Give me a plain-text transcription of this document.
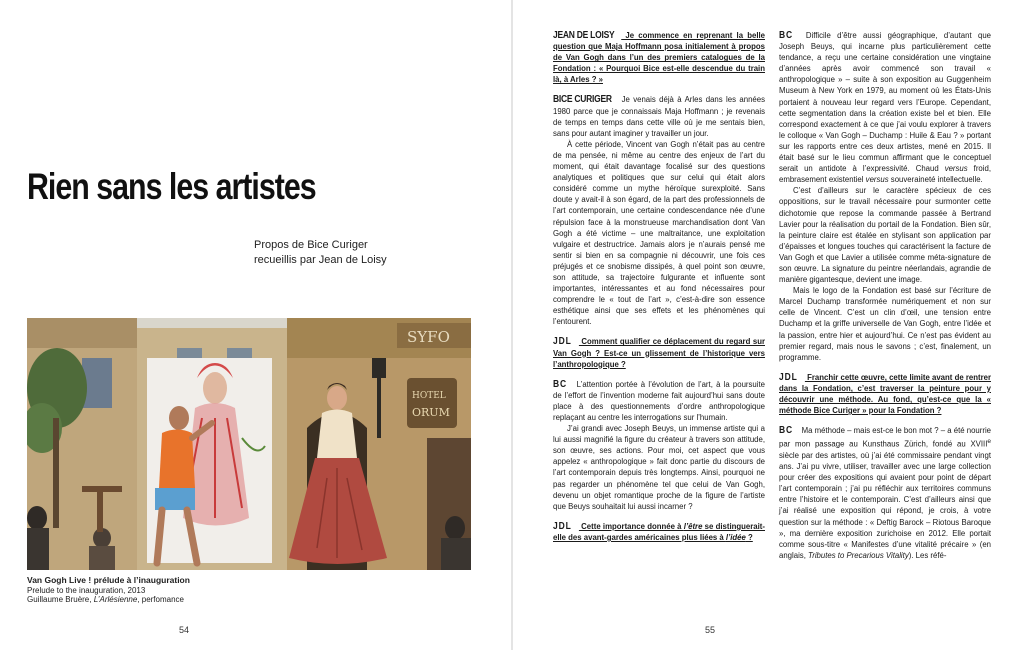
Rien sans les artistes
Propos de Bice Curiger
recueillis par Jean de Loisy
SYFO
HOTEL
ORUM
Van Gogh Live ! prélude à l’inauguration
Prelude to the inauguration, 2013
Guillaume Bruère, L’Arlésienne, perfomance
54

JEAN DE LOISY Je commence en reprenant la belle question que Maja Hoffmann posa initialement à propos de Van Gogh dans l’un des premiers catalogues de la Fondation : « Pourquoi Bice est-elle descendue du train là, à Arles ? »

BICE CURIGER Je venais déjà à Arles dans les années 1980 parce que je connaissais Maja Hoffmann ; je revenais de temps en temps dans cette ville où je me sentais bien, sans pour autant imaginer y travailler un jour.

À cette période, Vincent van Gogh n’était pas au centre de ma pensée, ni même au centre des enjeux de l’art du moment, qui était davantage focalisé sur des questions analytiques et politiques que sur celui qui était alors considéré comme un mythe héroïque surexploité. Sans doute y avait-il à son égard, de la part des professionnels de l’art contemporain, une certaine condescendance née d’une répulsion face à la monstrueuse marchandisation dont Van Gogh a été victime – une maltraitance, une exploitation vulgaire et destructrice. Jamais alors je n’aurais pensé me sentir si bien en sa compagnie ni découvrir, une fois ces préjugés et ce snobisme dissipés, à quel point son œuvre, son attitude, sa trajectoire fulgurante et influente sont importantes, intéressantes et au fond nécessaires pour comprendre le « tout de l’art », c’est-à-dire son essence esthétique ainsi que ses effets et les phénomènes qui l’entourent.

JDL Comment qualifier ce déplacement du regard sur Van Gogh ? Est-ce un glissement de l’historique vers l’anthropologique ?

BC L’attention portée à l’évolution de l’art, à la poursuite de l’effort de l’invention moderne fait aujourd’hui sans doute place à des questionnements d’ordre anthropologique replaçant au centre les interrogations sur l’humain.

J’ai grandi avec Joseph Beuys, un immense artiste qui a lui aussi magnifié la figure du créateur à travers son attitude, son œuvre, ses actions. Pour moi, cet aspect que vous appelez « anthropologique » fait donc partie du discours de l’art contemporain depuis très longtemps. Ainsi, pourquoi ne pas regarder un phénomène tel que celui de Van Gogh, devenu un objet romantique proche de la figure de l’artiste que Beuys souhaitait lui aussi incarner ?

JDL Cette importance donnée à l’être se distinguerait-elle des avant-gardes américaines plus liées à l’idée ?

BC Difficile d’être aussi géographique, d’autant que Joseph Beuys, qui incarne plus particulièrement cette tendance, a reçu une certaine considération une vingtaine d’années après avoir commencé son travail « anthropologique » – suite à son exposition au Guggenheim Museum à New York en 1979, au moment où les États-Unis portaient à nouveau leur regard vers l’Europe. Cependant, cette segmentation dans la création existe bel et bien. Elle correspond exactement à ce que j’ai voulu explorer à travers le colloque « Van Gogh – Duchamp : Huile & Eau ? » portant sur les rapports entre ces deux artistes, mené en 2015. Il était basé sur le lieu commun affirmant que le conceptuel serait un antidote à l’expressivité. Chaud versus froid, embrasement existentiel versus souveraineté intellectuelle.

C’est d’ailleurs sur le caractère spécieux de ces oppositions, sur le travail nécessaire pour surmonter cette dichotomie que repose la commande passée à Bertrand Lavier pour la réalisation du portail de la Fondation. Bien sûr, la peinture claire est étalée en stylisant son application par d’épaisses et longues touches qui caractérisent la facture de Van Gogh et que Lavier a utilisée comme méta-signature de son œuvre. La signature du peintre néerlandais, agrandie de manière gigantesque, devient une image.

Mais le logo de la Fondation est basé sur l’écriture de Marcel Duchamp transformée numériquement et non sur celle de Vincent. C’est un clin d’œil, une tension entre Duchamp et la griffe universelle de Van Gogh, entre l’idée et la passion, entre hier et aujourd’hui. Ce n’est pas évident au premier regard, mais nous le savons ; c’est, finalement, un programme.

JDL Franchir cette œuvre, cette limite avant de rentrer dans la Fondation, c’est traverser la peinture pour y découvrir une méthode. Au fond, qu’est-ce que la « méthode Bice Curiger » pour la Fondation ?

BC Ma méthode – mais est-ce le bon mot ? – a été nourrie par mon passage au Kunsthaus Zürich, fondé au XVIIIe siècle par des artistes, où j’ai été commissaire pendant vingt ans. J’ai pu vivre, utiliser, travailler avec une large collection pour créer des expositions qui avaient pour point de départ l’art contemporain ; j’ai pu réfléchir aux territoires communs entre l’histoire et le contemporain. C’est d’ailleurs ainsi que j’ai réalisé une exposition qui répond, je crois, à votre question sur la méthode : « Deftig Barock – Riotous Baroque », ma dernière exposition zurichoise en 2012. Elle portait comme sous-titre « Manifestes d’une vitalité précaire » (en anglais, Tributes to Precarious Vitality). Les réfé-

55
